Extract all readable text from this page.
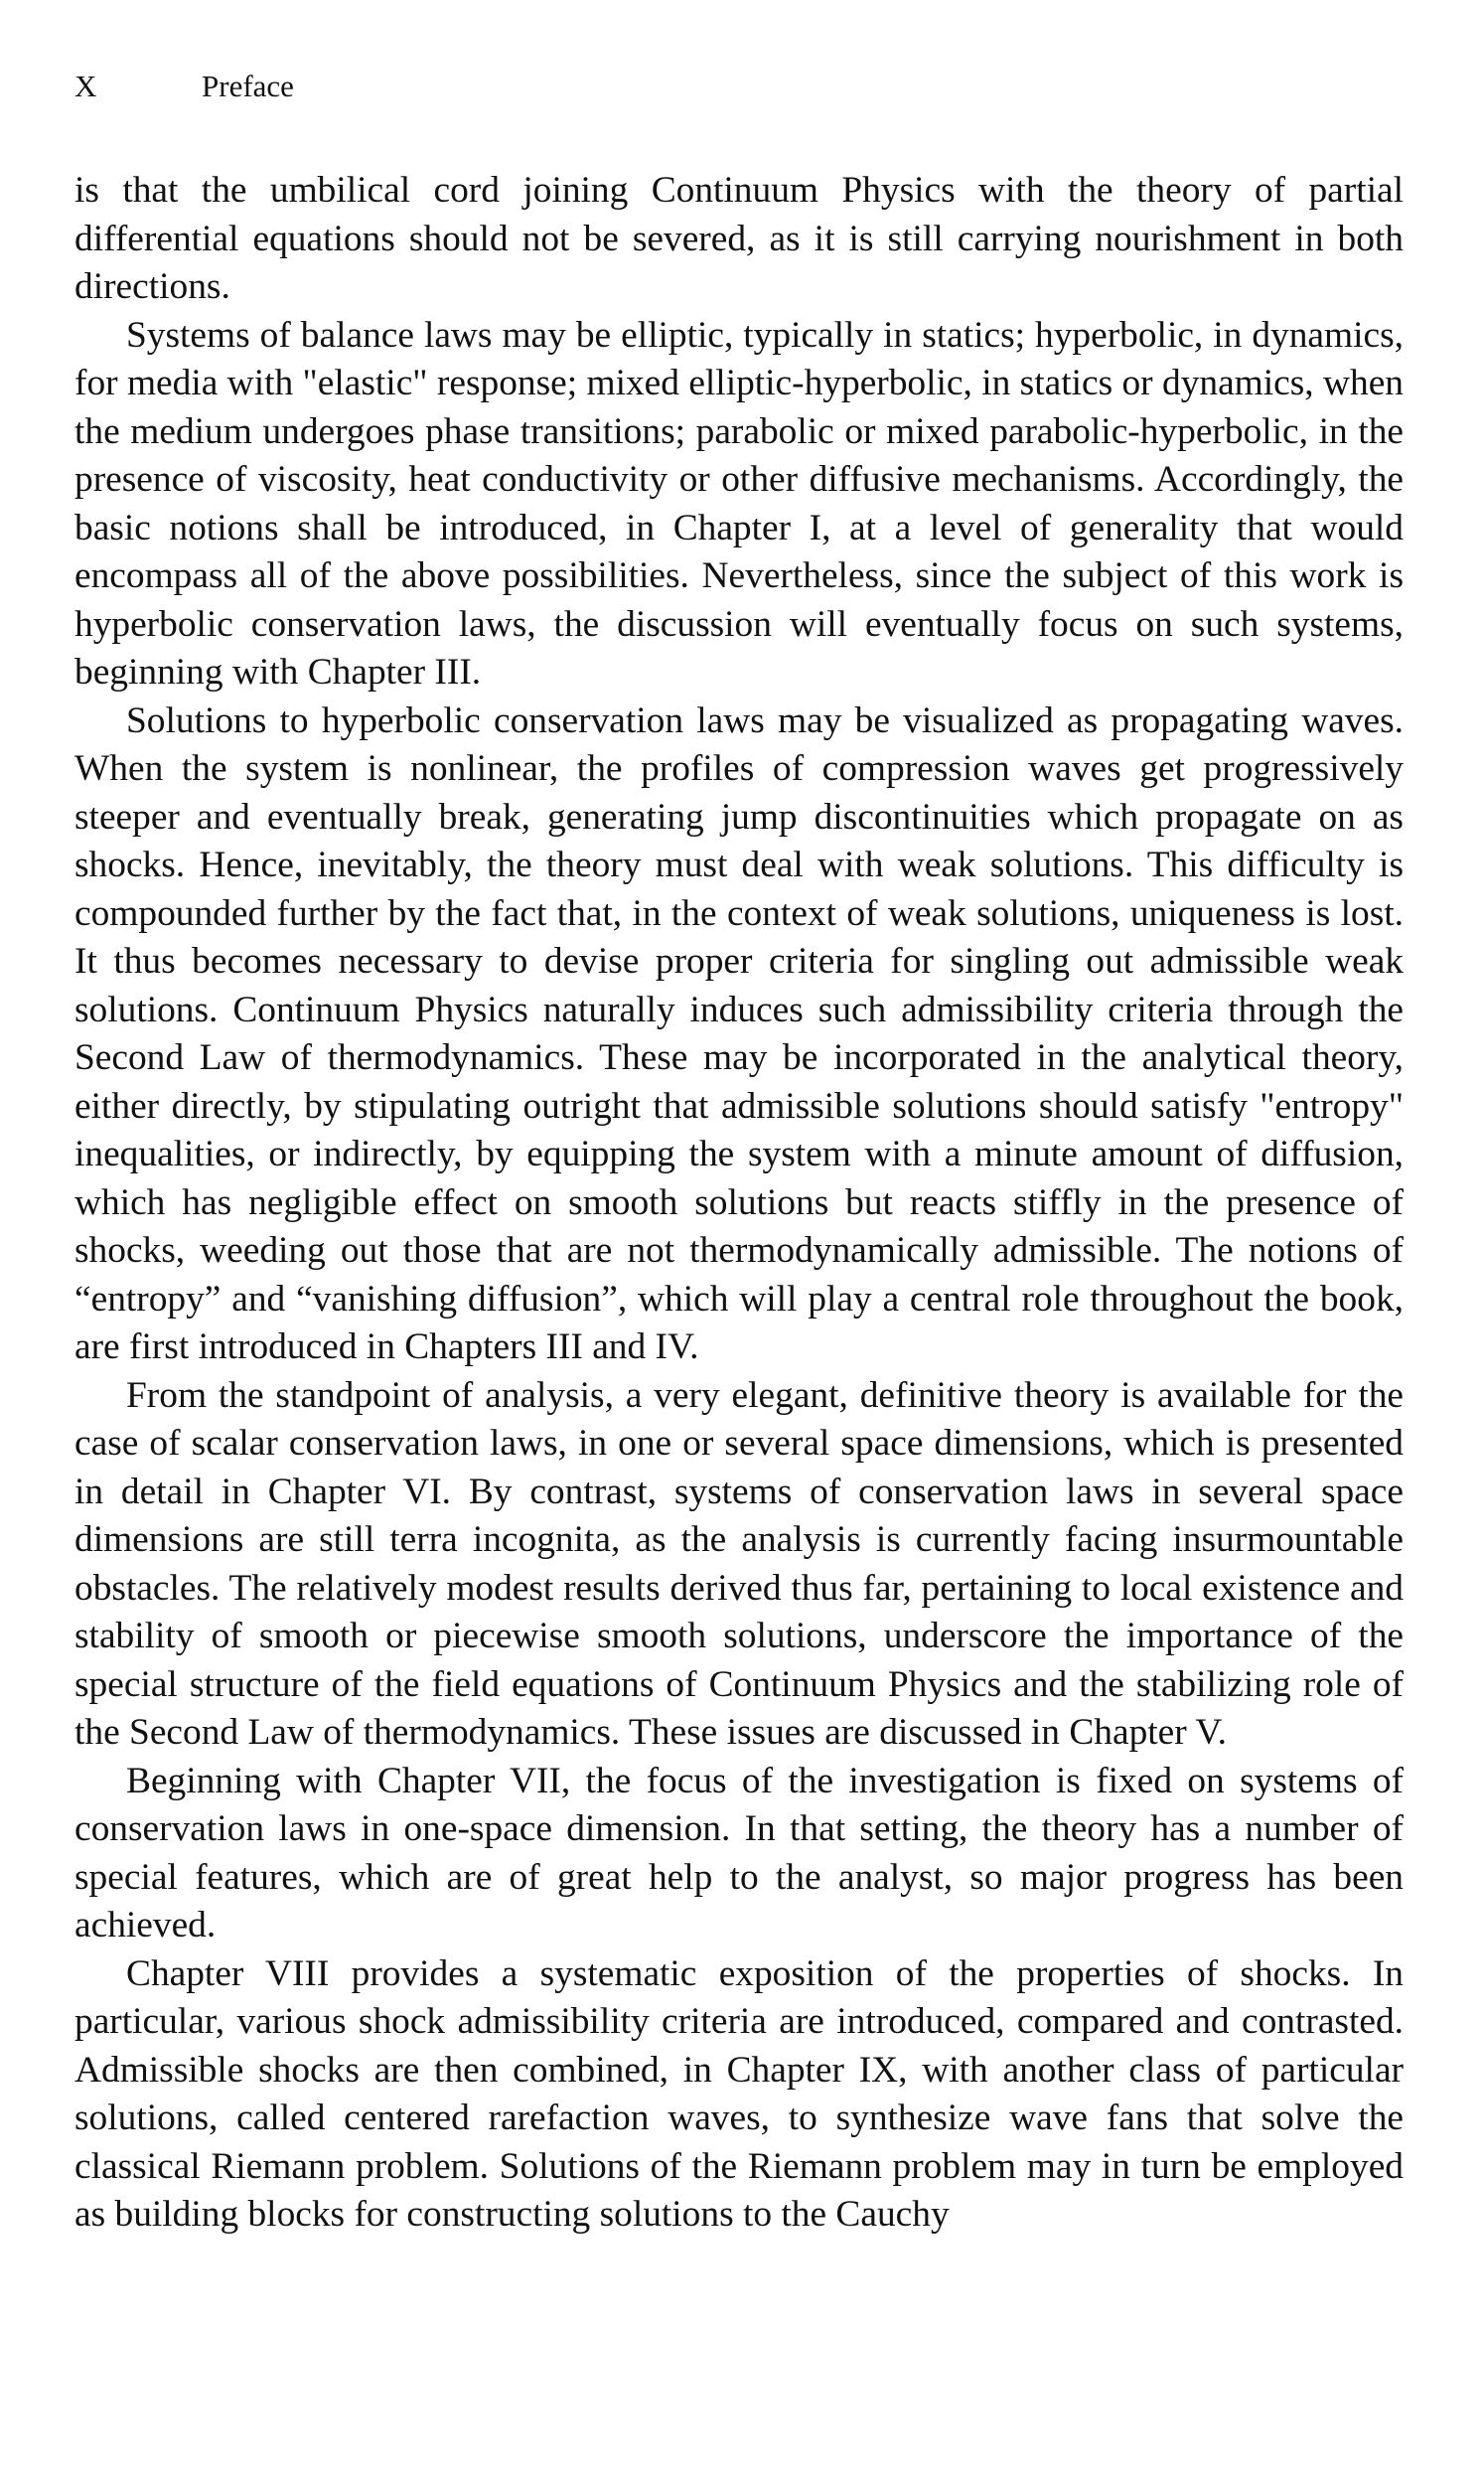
X	Preface

is that the umbilical cord joining Continuum Physics with the theory of partial differential equations should not be severed, as it is still carrying nourishment in both directions.

Systems of balance laws may be elliptic, typically in statics; hyperbolic, in dynamics, for media with "elastic" response; mixed elliptic-hyperbolic, in statics or dynamics, when the medium undergoes phase transitions; parabolic or mixed parabolic-hyperbolic, in the presence of viscosity, heat conductivity or other diffusive mechanisms. Accordingly, the basic notions shall be introduced, in Chapter I, at a level of generality that would encompass all of the above possibilities. Nevertheless, since the subject of this work is hyperbolic conservation laws, the discussion will eventually focus on such systems, beginning with Chapter III.

Solutions to hyperbolic conservation laws may be visualized as propagating waves. When the system is nonlinear, the profiles of compression waves get progressively steeper and eventually break, generating jump discontinuities which propagate on as shocks. Hence, inevitably, the theory must deal with weak solutions. This difficulty is compounded further by the fact that, in the context of weak solutions, uniqueness is lost. It thus becomes necessary to devise proper criteria for singling out admissible weak solutions. Continuum Physics naturally induces such admissibility criteria through the Second Law of thermodynamics. These may be incorporated in the analytical theory, either directly, by stipulating outright that admissible solutions should satisfy "entropy" inequalities, or indirectly, by equipping the system with a minute amount of diffusion, which has negligible effect on smooth solutions but reacts stiffly in the presence of shocks, weeding out those that are not thermodynamically admissible. The notions of “entropy” and “vanishing diffusion”, which will play a central role throughout the book, are first introduced in Chapters III and IV.

From the standpoint of analysis, a very elegant, definitive theory is available for the case of scalar conservation laws, in one or several space dimensions, which is presented in detail in Chapter VI. By contrast, systems of conservation laws in several space dimensions are still terra incognita, as the analysis is currently facing insurmountable obstacles. The relatively modest results derived thus far, pertaining to local existence and stability of smooth or piecewise smooth solutions, underscore the importance of the special structure of the field equations of Continuum Physics and the stabilizing role of the Second Law of thermodynamics. These issues are discussed in Chapter V.

Beginning with Chapter VII, the focus of the investigation is fixed on systems of conservation laws in one-space dimension. In that setting, the theory has a number of special features, which are of great help to the analyst, so major progress has been achieved.

Chapter VIII provides a systematic exposition of the properties of shocks. In particular, various shock admissibility criteria are introduced, compared and contrasted. Admissible shocks are then combined, in Chapter IX, with another class of particular solutions, called centered rarefaction waves, to synthesize wave fans that solve the classical Riemann problem. Solutions of the Riemann problem may in turn be employed as building blocks for constructing solutions to the Cauchy
